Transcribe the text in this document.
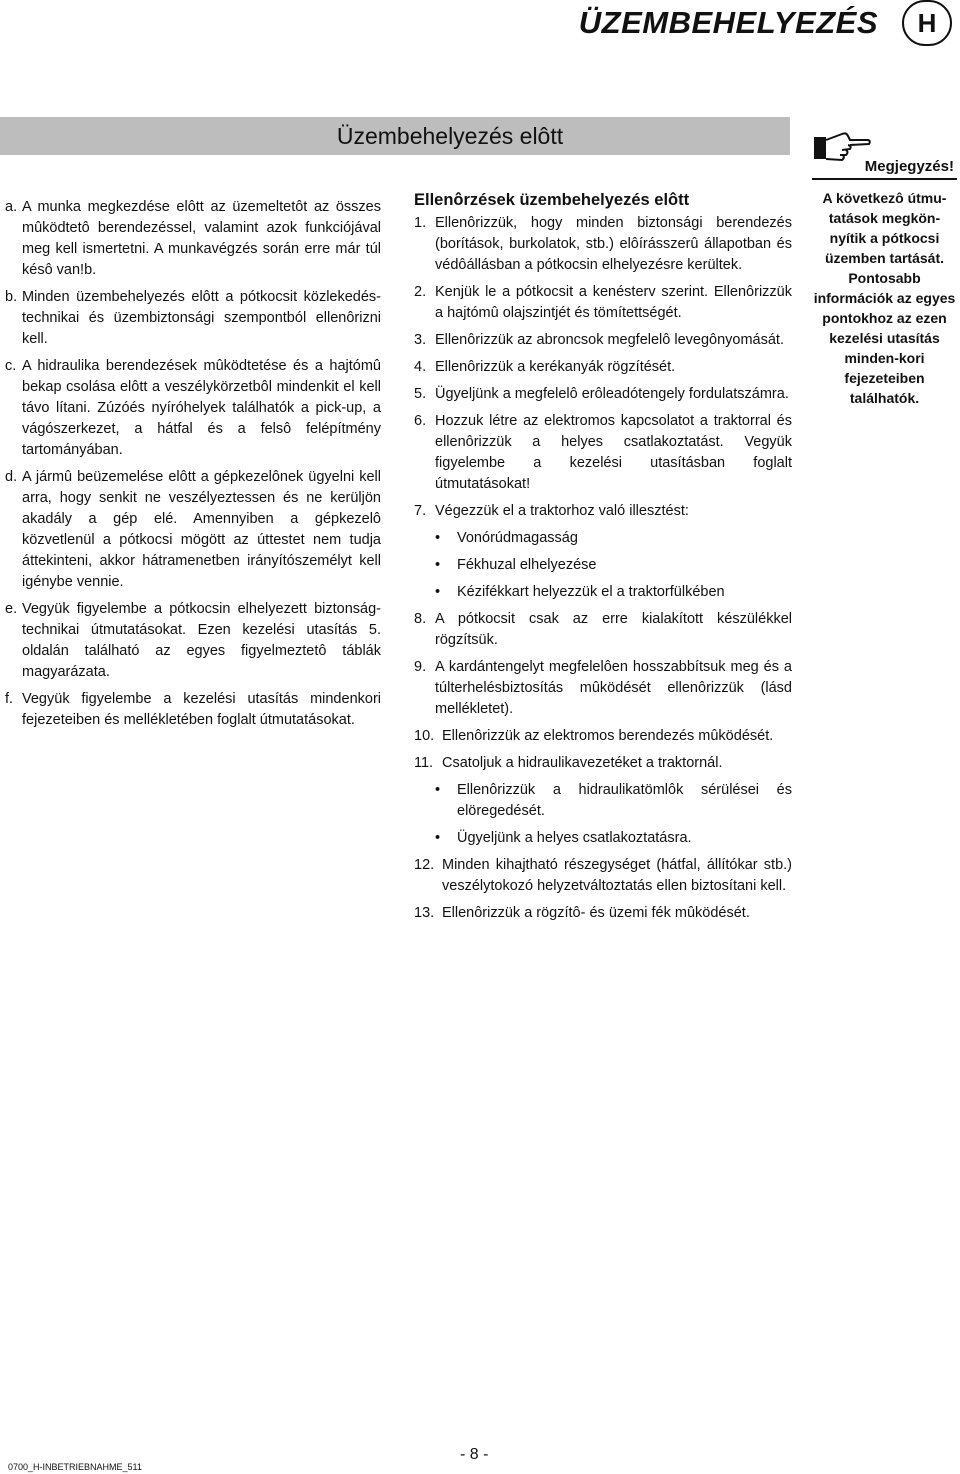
ÜZEMBEHELYEZÉS	H
Üzembehelyezés elôtt
a. A munka megkezdése elôtt az üzemeltetôt az összes mûködtetô berendezéssel, valamint azok funkciójával meg kell ismertetni. A munkavégzés során erre már túl késô van!b.
b. Minden üzembehelyezés elôtt a pótkocsit közlekedés-technikai és üzembiztonsági szempontból ellenôrizni kell.
c. A hidraulika berendezések mûködtetése és a hajtómû bekap csolása elôtt a veszélykörzetbôl mindenkit el kell távo lítani. Zúzóés nyíróhelyek találhatók a pick-up, a vágószerkezet, a hátfal és a felsô felépítmény tartományában.
d. A jármû beüzemelése elôtt a gépkezelônek ügyelni kell arra, hogy senkit ne veszélyeztessen és ne kerüljön akadály a gép elé. Amennyiben a gépkezelô közvetlenül a pótkocsi mögött az úttestet nem tudja áttekinteni, akkor hátramenetben irányítószemélyt kell igénybe vennie.
e. Vegyük figyelembe a pótkocsin elhelyezett biztonság-technikai útmutatásokat. Ezen kezelési utasítás 5. oldalán található az egyes figyelmeztetô táblák magyarázata.
f. Vegyük figyelembe a kezelési utasítás mindenkori fejezeteiben és mellékletében foglalt útmutatásokat.
Ellenôrzések üzembehelyezés elôtt
1. Ellenôrizzük, hogy minden biztonsági berendezés (borítások, burkolatok, stb.) elôírásszerû állapotban és védôállásban a pótkocsin elhelyezésre kerültek.
2. Kenjük le a pótkocsit a kenésterv szerint. Ellenôrizzük a hajtómû olajszintjét és tömítettségét.
3. Ellenôrizzük az abroncsok megfelelô levegônyomását.
4. Ellenôrizzük a kerékanyák rögzítését.
5. Ügyeljünk a megfelelô erôleadótengely fordulatszámra.
6. Hozzuk létre az elektromos kapcsolatot a traktorral és ellenôrizzük a helyes csatlakoztatást. Vegyük figyelembe a kezelési utasításban foglalt útmutatásokat!
7. Végezzük el a traktorhoz való illesztést:
•	Vonórúdmagasság
•	Fékhuzal elhelyezése
•	Kézifékkart helyezzük el a traktorfülkében
8. A pótkocsit csak az erre kialakított készülékkel rögzítsük.
9. A kardántengelyt megfelelôen hosszabbítsuk meg és a túlterhelésbiztosítás mûködését ellenôrizzük (lásd mellékletet).
10. Ellenôrizzük az elektromos berendezés mûködését.
11. Csatoljuk a hidraulikavezetéket a traktornál.
•	Ellenôrizzük a hidraulikatömlôk sérülései és elöregedését.
•	Ügyeljünk a helyes csatlakoztatásra.
12. Minden kihajtható részegységet (hátfal, állítókar stb.) veszélytokozó helyzetváltoztatás ellen biztosítani kell.
13. Ellenôrizzük a rögzítô- és üzemi fék mûködését.
Megjegyzés!
A következô útmu-tatások megkön-nyítik a pótkocsi üzemben tartását. Pontosabb információk az egyes pontokhoz az ezen kezelési utasítás minden-kori fejezeteiben találhatók.
0700_H-INBETRIEBNAHME_511
- 8 -
